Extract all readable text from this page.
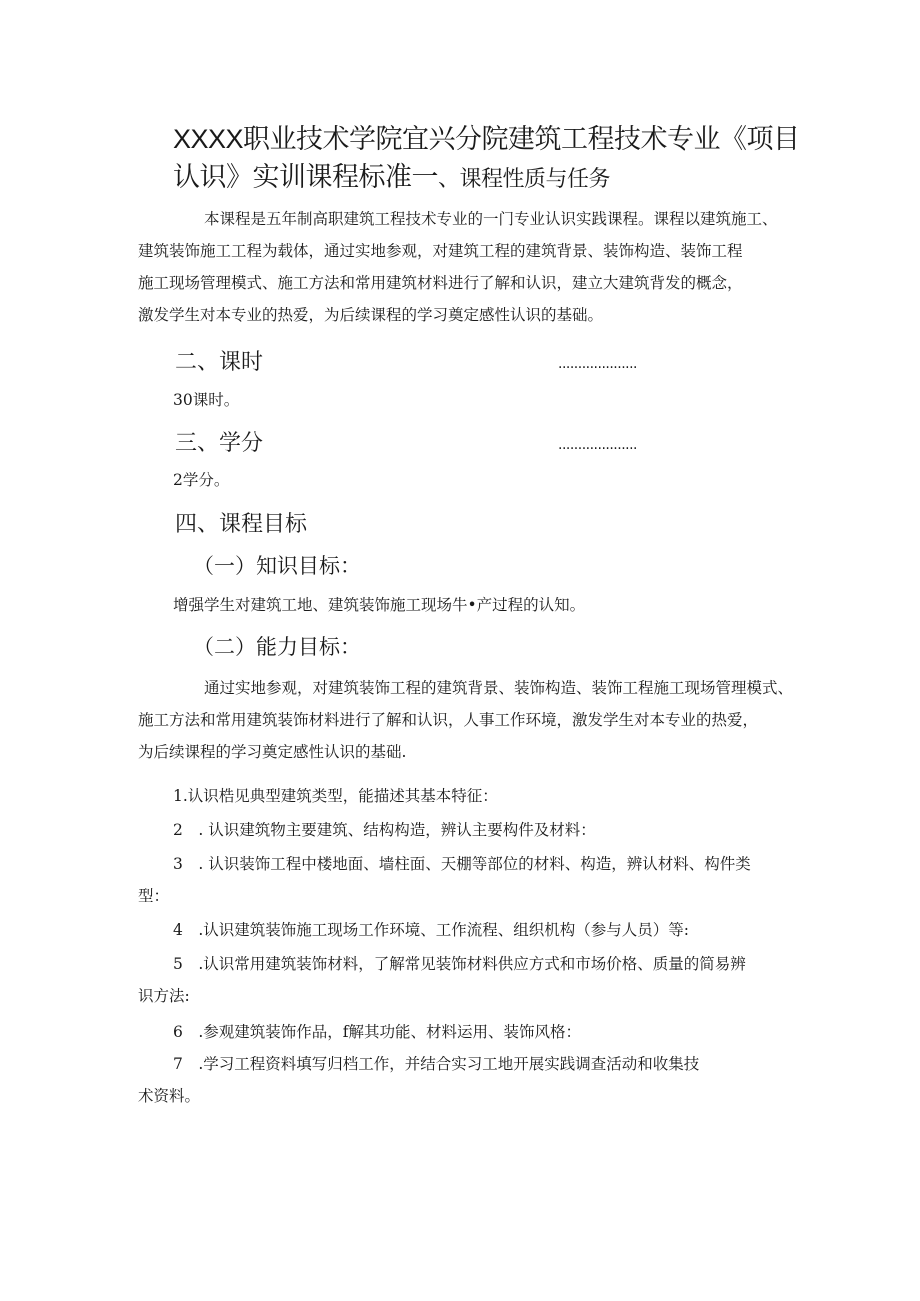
XXXX职业技术学院宜兴分院建筑工程技术专业《项目
认识》实训课程标准一、课程性质与任务
本课程是五年制高职建筑工程技术专业的一门专业认识实践课程。课程以建筑施工、
建筑装饰施工工程为载体，通过实地参观，对建筑工程的建筑背景、装饰构造、装饰工程
施工现场管理模式、施工方法和常用建筑材料进行了解和认识，建立大建筑背发的概念，
激发学生对本专业的热爱，为后续课程的学习奠定感性认识的基础。
二、课时	....................
30课时。
三、学分	....................
2学分。
四、课程目标
（一）知识目标：
增强学生对建筑工地、建筑装饰施工现场牛•产过程的认知。
（二）能力目标：
通过实地参观，对建筑装饰工程的建筑背景、装饰构造、装饰工程施工现场管理模式、
施工方法和常用建筑装饰材料进行了解和认识，人事工作环境，激发学生对本专业的热爱，
为后续课程的学习奠定感性认识的基础.
1.认识梏见典型建筑类型，能描述其基本特征：
2　. 认识建筑物主要建筑、结构构造，辨认主要构件及材料：
3　. 认识装饰工程中楼地面、墙柱面、天棚等部位的材料、构造，辨认材料、构件类
型：
4　.认识建筑装饰施工现场工作环境、工作流程、组织机构（参与人员）等:
5　.认识常用建筑装饰材料，了解常见装饰材料供应方式和市场价格、质量的简易辨
识方法:
6　.参观建筑装饰作品，f解其功能、材料运用、装饰风格：
7　.学习工程资料填写归档工作，并结合实习工地开展实践调查活动和收集技
术资料。
